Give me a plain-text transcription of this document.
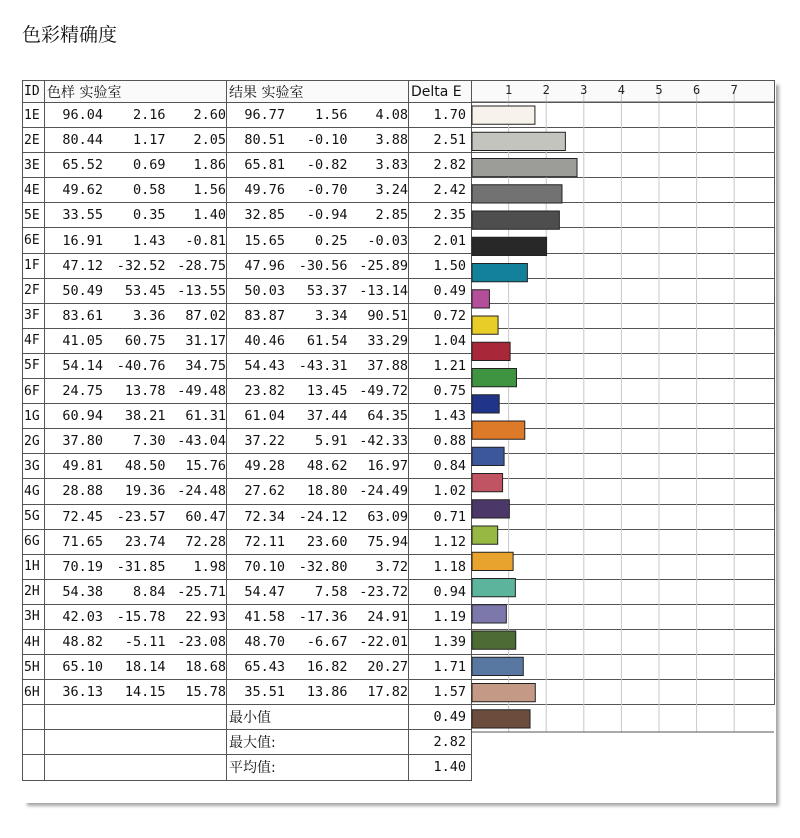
色彩精确度
ID	色样 实验室	结果 实验室	Delta E	
1E	96.04 2.16 2.60	96.77 1.56 4.08	1.70	
2E	80.44 1.17 2.05	80.51 -0.10 3.88	2.51	
3E	65.52 0.69 1.86	65.81 -0.82 3.83	2.82	
4E	49.62 0.58 1.56	49.76 -0.70 3.24	2.42	
5E	33.55 0.35 1.40	32.85 -0.94 2.85	2.35	
6E	16.91 1.43 -0.81	15.65 0.25 -0.03	2.01	
1F	47.12 -32.52 -28.75	47.96 -30.56 -25.89	1.50	
2F	50.49 53.45 -13.55	50.03 53.37 -13.14	0.49	
3F	83.61 3.36 87.02	83.87 3.34 90.51	0.72	
4F	41.05 60.75 31.17	40.46 61.54 33.29	1.04	
5F	54.14 -40.76 34.75	54.43 -43.31 37.88	1.21	
6F	24.75 13.78 -49.48	23.82 13.45 -49.72	0.75	
1G	60.94 38.21 61.31	61.04 37.44 64.35	1.43	
2G	37.80 7.30 -43.04	37.22 5.91 -42.33	0.88	
3G	49.81 48.50 15.76	49.28 48.62 16.97	0.84	
4G	28.88 19.36 -24.48	27.62 18.80 -24.49	1.02	
5G	72.45 -23.57 60.47	72.34 -24.12 63.09	0.71	
6G	71.65 23.74 72.28	72.11 23.60 75.94	1.12	
1H	70.19 -31.85 1.98	70.10 -32.80 3.72	1.18	
2H	54.38 8.84 -25.71	54.47 7.58 -23.72	0.94	
3H	42.03 -15.78 22.93	41.58 -17.36 24.91	1.19	
4H	48.82 -5.11 -23.08	48.70 -6.67 -22.01	1.39	
5H	65.10 18.14 18.68	65.43 16.82 20.27	1.71	
6H	36.13 14.15 15.78	35.51 13.86 17.82	1.57	
		最小值	0.49	
		最大值:	2.82	
		平均值:	1.40	
1	2	3	4	5	6	7
